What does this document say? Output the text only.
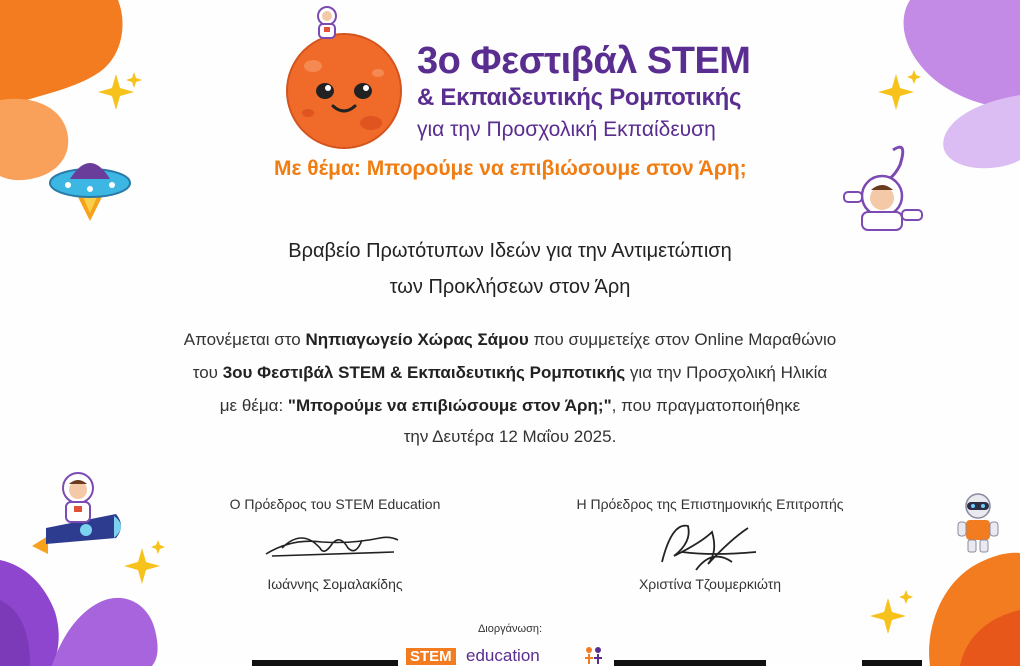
3ο Φεστιβάλ STEM
& Εκπαιδευτικής Ρομποτικής
για την Προσχολική Εκπαίδευση
Με θέμα: Μπορούμε να επιβιώσουμε στον Άρη;
Βραβείο Πρωτότυπων Ιδεών για την Αντιμετώπιση
των Προκλήσεων στον Άρη
Απονέμεται στο Νηπιαγωγείο Χώρας Σάμου που συμμετείχε στον Online Μαραθώνιο
του 3ου Φεστιβάλ STEM & Εκπαιδευτικής Ρομποτικής για την Προσχολική Ηλικία
με θέμα: "Μπορούμε να επιβιώσουμε στον Άρη;", που πραγματοποιήθηκε
την Δευτέρα 12 Μαΐου 2025.
Ο Πρόεδρος του STEM Education
Ιωάννης Σομαλακίδης
Η Πρόεδρος της Επιστημονικής Επιτροπής
Χριστίνα Τζουμερκιώτη
Διοργάνωση:
STEM education
